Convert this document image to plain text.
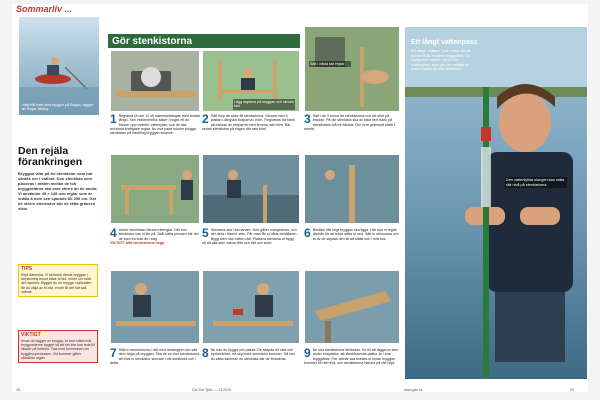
Sommarliv ...
Hela båt med sina bryggor på Ängön, bygget av Roger Isberg.
Den rejäla förankringen
Bryggan vilar på tre stenkistor som har sänkts ner i vattnet. Den stenkista som placeras i mitten mellan de två bryggdelarna ska vara större än de andra. Vi använder 45 × 145 mm reglar som är snälla å nom sen sparade till 250 cm. Gör de större stenkistor bör de rätta gränsen vikte.
TIPS
Rejä däremha. Vi beharrdi denne bryggan i beysisimhy ennet båse M bid, ennet om mökt del hachere. Bygger du en brygga i saltvatten får du välja av M biid, ennet till det här salt vattnet.
VIKTIGT
Innan du bygger en brygga, är bad mätet måt bryggoraterne bygget så att det inte kan leda till skador på bottnen. Tala med kommunen om bygglovsprocessen. Vid kummer gäller särskilda regler.
Gör stenkistorna
Lägg reglarna på bryggan och skruva fast
1 Reglarna (8 och 12 st) sammanhangas med ändad längd. Sen ekstenerkliss sätter i högst ett de böcker upp ovanför vattenytan, och de ska använda kraftigare reglar. Nu mot pade böcker plugga stenkistan på hantiling bryggan sikanne.
2 Sätt ihop de sidor till stenkistorna. Skruva med 5 plattan i långska stolparna i hörn. Reglarnas trä bänk på insidan av stolparna med femma rakt hörn. Bär sedan stenkistan på vägen där rakt hörn.
4 Under stenkistan lämna mittreglar. Där tom stenkistor kan ni lite på. Skål sätta pressen blir det de som fra kokt de i bäg.
VIKTIGT: Mät stenkistorna noga
5 Stenarna ska i kemanare. Den gåller mängstenar, och det dess i främre sten. Får man får ej både behållaren. Bygg sten mot mitten rätt. Platsera stenarna ut bygg så att alla sten vakna från och rätt och sidor.
7 Ställ in stenkistorna i rätt med rektangeln och sätt dem höga på bryggan. Ska de en mot stenkistorna att löva in stenkistor skrivare i väl stödkloss och i detta.
8 Nu kan du bygga och passa. De skapas de räta och tryckmärken: ett skyl med stenkistor kanoner. Då kan du sätta samman en stenkista där de förankras.
28	Gör Det Själv — 13 2015
Sätt i nästa rad reglar
3 Sätt i de 3 sorna för stenkistorna och ett stöd på insidan. På din stenkista ska du bära fem bänk på stenkistans två tre bänkar. Om kvar gränsnät sätta 1 arbete.
6 Bestäm hår högt bryggan ska ligga. Här kan ni reglar därfrån för att börja sätta ut ned. Sätt in skruvarna och ta av de skjutas den till att ställa och i mitt hos.
9 Nu ska stenkistorna förbindas. Se till att lägga en sten under brisplattor, att stenkistornas plattor är i ena bryggdelar. Fler stenar ska bredas ut innan bryggan kommer till rätt nivå, och stenkistorna hamna på rätt höjd.
Ett långt vattenpass
Ett slags "mätare" utan krävs för att kunna få till en jämn bryggdäck. En slang med vatten i är ett bra vattenpass, som gör det möjligt att mäta höjden på alla stenkistor.
Den vattenfyllda slangen kan mäta rätt nivå på stenkistorna.
www.gds.se	29
